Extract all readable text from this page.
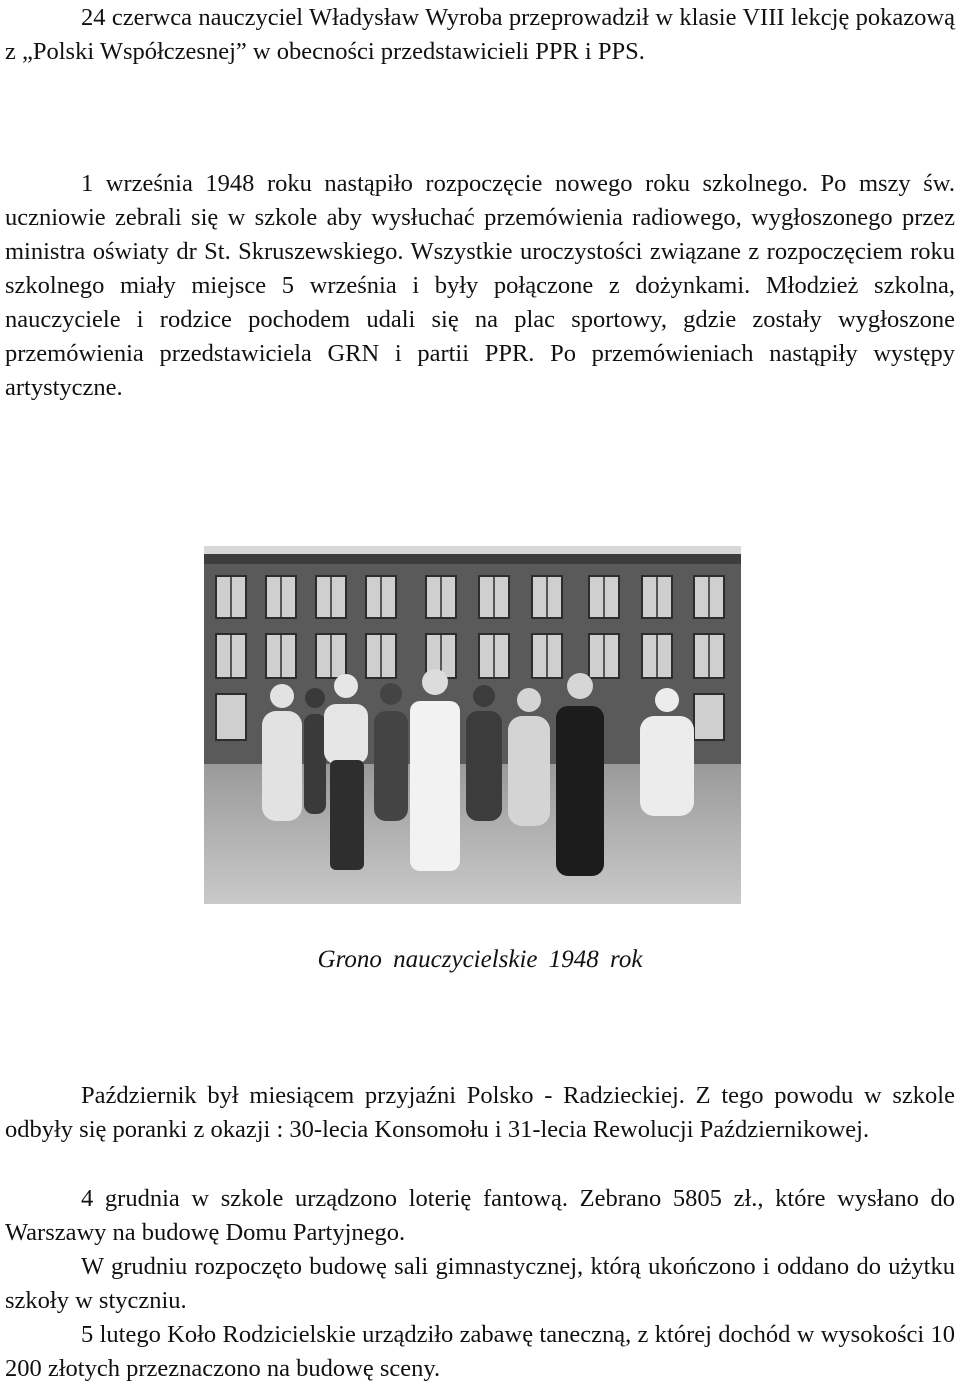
24 czerwca nauczyciel Władysław Wyroba przeprowadził w klasie VIII lekcję pokazową z „Polski Współczesnej” w obecności przedstawicieli PPR i PPS.

1 września 1948 roku nastąpiło rozpoczęcie nowego roku szkolnego. Po mszy św. uczniowie zebrali się w szkole aby wysłuchać przemówienia radiowego, wygłoszonego przez ministra oświaty dr St. Skruszewskiego. Wszystkie uroczystości związane z rozpoczęciem roku szkolnego miały miejsce 5 września i były połączone z dożynkami. Młodzież szkolna, nauczyciele i rodzice pochodem udali się na plac sportowy, gdzie zostały wygłoszone przemówienia przedstawiciela GRN i partii PPR. Po przemówieniach nastąpiły występy artystyczne.

Grono nauczycielskie 1948 rok

Październik był miesiącem przyjaźni Polsko - Radzieckiej. Z tego powodu w szkole odbyły się poranki z okazji : 30-lecia Konsomołu i 31-lecia Rewolucji Październikowej.

4 grudnia w szkole urządzono loterię fantową. Zebrano 5805 zł., które wysłano do Warszawy na budowę Domu Partyjnego.

W grudniu rozpoczęto budowę sali gimnastycznej, którą ukończono i oddano do użytku szkoły w styczniu.

5 lutego Koło Rodzicielskie urządziło zabawę taneczną, z której dochód w wysokości 10 200 złotych przeznaczono na budowę sceny.
